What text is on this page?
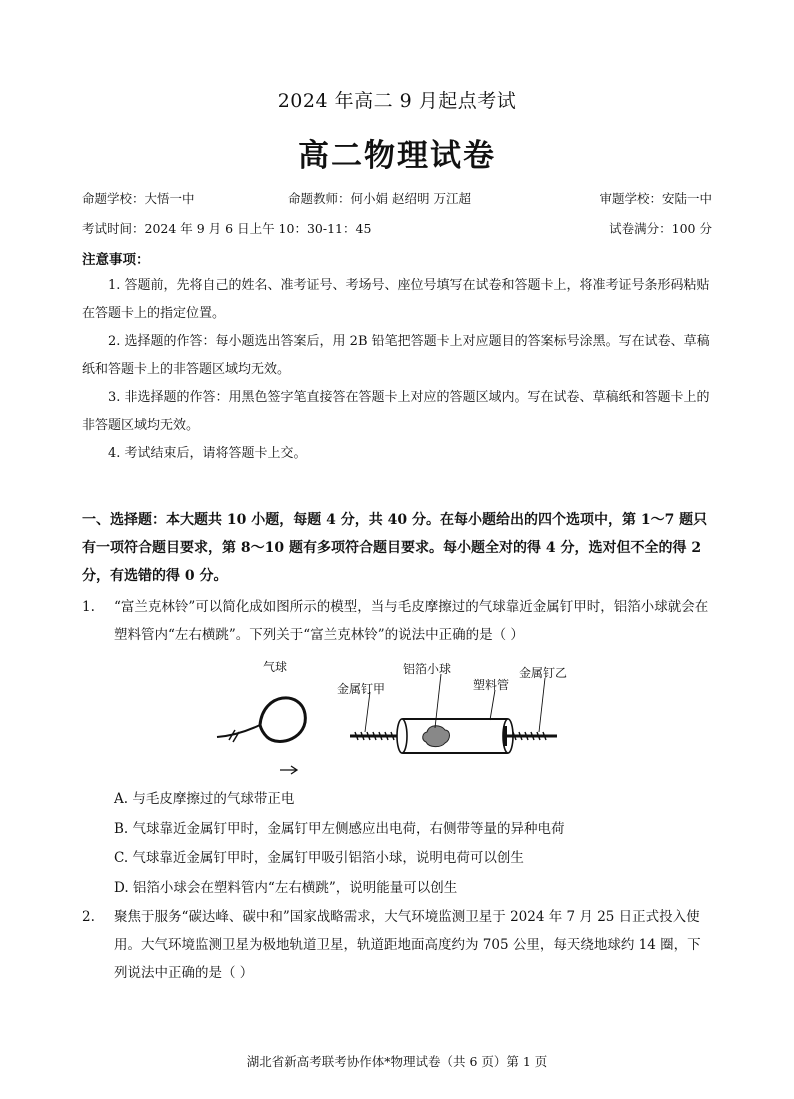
2024 年高二 9 月起点考试
高二物理试卷
命题学校：大悟一中	命题教师：何小娟 赵绍明 万江超	审题学校：安陆一中
考试时间：2024 年 9 月 6 日上午 10：30-11：45	试卷满分：100 分
注意事项：

1. 答题前，先将自己的姓名、准考证号、考场号、座位号填写在试卷和答题卡上，将准考证号条形码粘贴在答题卡上的指定位置。

2. 选择题的作答：每小题选出答案后，用 2B 铅笔把答题卡上对应题目的答案标号涂黑。写在试卷、草稿纸和答题卡上的非答题区域均无效。

3. 非选择题的作答：用黑色签字笔直接答在答题卡上对应的答题区域内。写在试卷、草稿纸和答题卡上的非答题区域均无效。

4. 考试结束后，请将答题卡上交。

一、选择题：本大题共 10 小题，每题 4 分，共 40 分。在每小题给出的四个选项中，第 1～7 题只有一项符合题目要求，第 8～10 题有多项符合题目要求。每小题全对的得 4 分，选对但不全的得 2 分，有选错的得 0 分。
1. “富兰克林铃”可以简化成如图所示的模型，当与毛皮摩擦过的气球靠近金属钉甲时，铝箔小球就会在塑料管内“左右横跳”。下列关于“富兰克林铃”的说法中正确的是（ ）
气球	铝箔小球	金属钉乙
金属钉甲	塑料管
A. 与毛皮摩擦过的气球带正电
B. 气球靠近金属钉甲时，金属钉甲左侧感应出电荷，右侧带等量的异种电荷
C. 气球靠近金属钉甲时，金属钉甲吸引铝箔小球，说明电荷可以创生
D. 铝箔小球会在塑料管内“左右横跳”，说明能量可以创生
2. 聚焦于服务“碳达峰、碳中和”国家战略需求，大气环境监测卫星于 2024 年 7 月 25 日正式投入使用。大气环境监测卫星为极地轨道卫星，轨道距地面高度约为 705 公里，每天绕地球约 14 圈，下列说法中正确的是（ ）
湖北省新高考联考协作体*物理试卷（共 6 页）第 1 页
